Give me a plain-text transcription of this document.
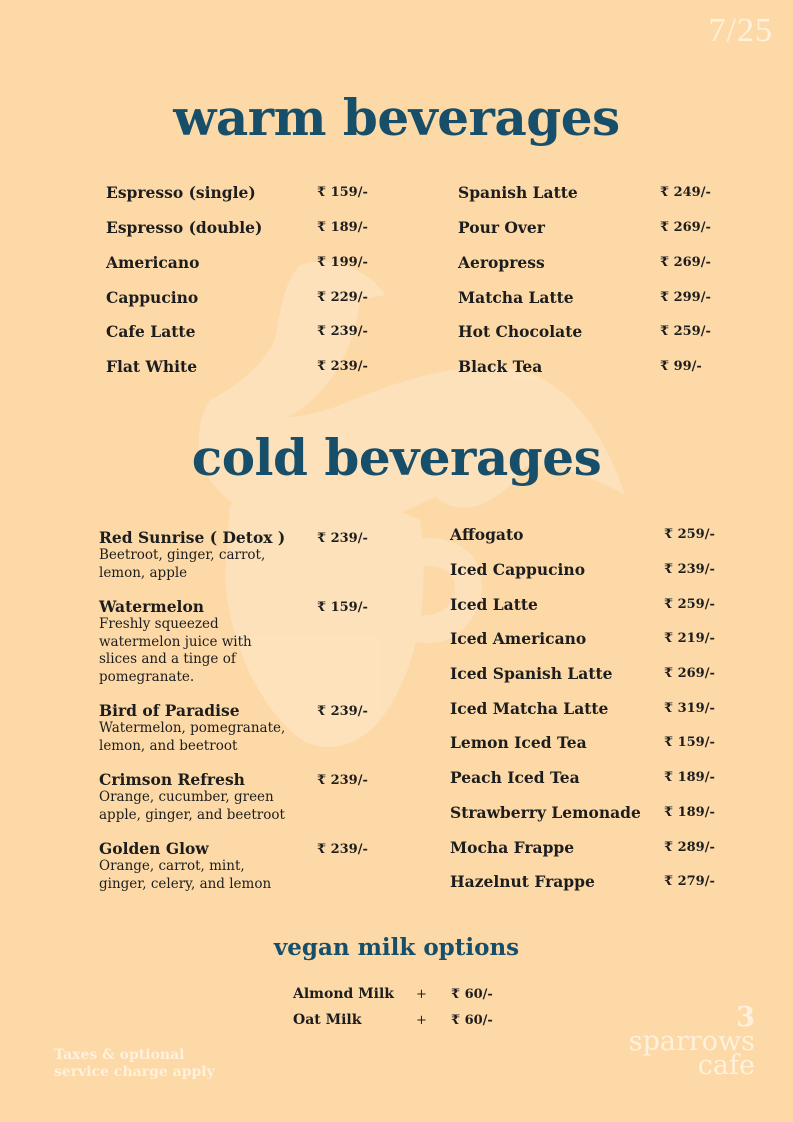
7/25
warm beverages
Espresso (single)	₹ 159/-
Espresso (double)	₹ 189/-
Americano	₹ 199/-
Cappucino	₹ 229/-
Cafe Latte	₹ 239/-
Flat White	₹ 239/-
Spanish Latte	₹ 249/-
Pour Over	₹ 269/-
Aeropress	₹ 269/-
Matcha Latte	₹ 299/-
Hot Chocolate	₹ 259/-
Black Tea	₹ 99/-
cold beverages
Red Sunrise ( Detox ) ₹ 239/-
Beetroot, ginger, carrot, lemon, apple
Watermelon	₹ 159/-
Freshly squeezed watermelon juice with slices and a tinge of pomegranate.
Bird of Paradise	₹ 239/-
Watermelon, pomegranate, lemon, and beetroot
Crimson Refresh	₹ 239/-
Orange, cucumber, green apple, ginger, and beetroot
Golden Glow	₹ 239/-
Orange, carrot, mint, ginger, celery, and lemon
Affogato	₹ 259/-
Iced Cappucino	₹ 239/-
Iced Latte	₹ 259/-
Iced Americano	₹ 219/-
Iced Spanish Latte	₹ 269/-
Iced Matcha Latte	₹ 319/-
Lemon Iced Tea	₹ 159/-
Peach Iced Tea	₹ 189/-
Strawberry Lemonade ₹ 189/-
Mocha Frappe	₹ 289/-
Hazelnut Frappe	₹ 279/-
vegan milk options
Almond Milk + ₹ 60/-
Oat Milk	+ ₹ 60/-
Taxes & optional
service charge apply
3
sparrows
cafe
